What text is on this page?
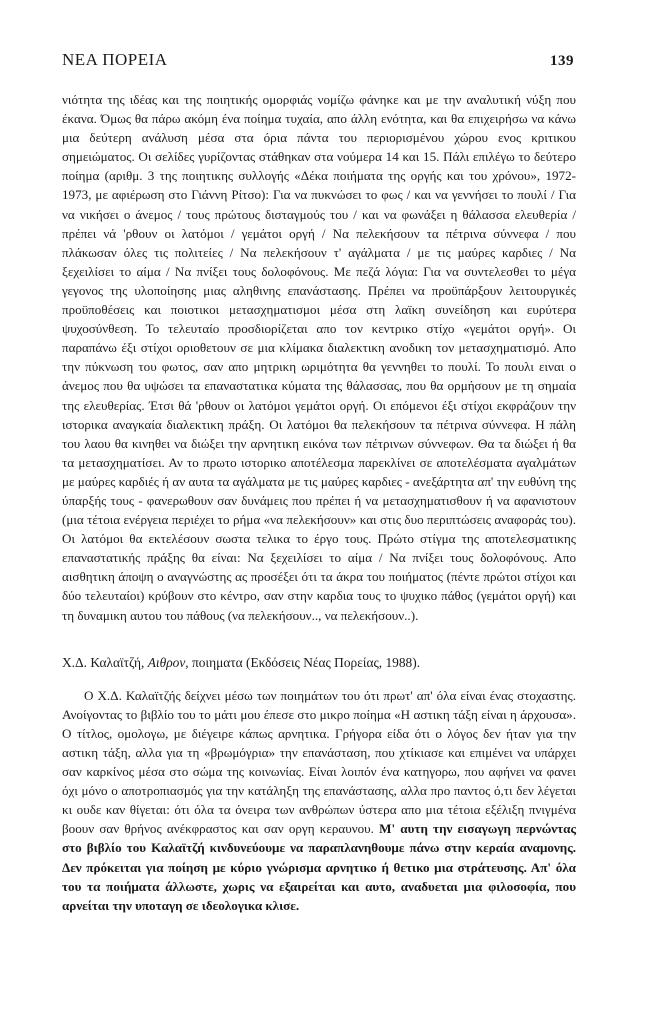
ΝΕΑ ΠΟΡΕΙΑ	139

νιότητα της ιδέας και της ποιητικής ομορφιάς νομίζω φάνηκε και με την αναλυτική νύξη που έκανα. Όμως θα πάρω ακόμη ένα ποίημα τυχαία, απο άλλη ενότητα, και θα επιχειρήσω να κάνω μια δεύτερη ανάλυση μέσα στα όρια πάντα του περιορισμένου χώρου ενος κριτικου σημειώματος. Οι σελίδες γυρίζοντας στάθηκαν στα νούμερα 14 και 15. Πάλι επιλέγω το δεύτερο ποίημα (αριθμ. 3 της ποιητικης συλλογής «Δέκα ποιήματα της οργής και του χρόνου», 1972-1973, με αφιέρωση στο Γιάννη Ρίτσο): Για να πυκνώσει το φως / και να γεννήσει το πουλί / Για να νικήσει ο άνεμος / τους πρώτους δισταγμούς του / και να φωνάξει η θάλασσα ελευθερία / πρέπει νά 'ρθουν οι λατόμοι / γεμάτοι οργή / Να πελεκήσουν τα πέτρινα σύννεφα / που πλάκωσαν όλες τις πολιτείες / Να πελεκήσουν τ' αγάλματα / με τις μαύρες καρδιες / Να ξεχειλίσει το αίμα / Να πνίξει τους δολοφόνους. Με πεζά λόγια: Για να συντελεσθει το μέγα γεγονος της υλοποίησης μιας αληθινης επανάστασης. Πρέπει να προϋπάρξουν λειτουργικές προϋποθέσεις και ποιοτικοι μετασχηματισμοι μέσα στη λαϊκη συνείδηση και ευρύτερα ψυχοσύνθεση. Το τελευταίο προσδιορίζεται απο τον κεντρικο στίχο «γεμάτοι οργή». Οι παραπάνω έξι στίχοι οριοθετουν σε μια κλίμακα διαλεκτικη ανοδικη τον μετασχηματισμό. Απο την πύκνωση του φωτος, σαν απο μητρικη ωριμότητα θα γεννηθει το πουλί. Το πουλι ειναι ο άνεμος που θα υψώσει τα επαναστατικα κύματα της θάλασσας, που θα ορμήσουν με τη σημαία της ελευθερίας. Έτσι θά 'ρθουν οι λατόμοι γεμάτοι οργή. Οι επόμενοι έξι στίχοι εκφράζουν την ιστορικα αναγκαία διαλεκτικη πράξη. Οι λατόμοι θα πελεκήσουν τα πέτρινα σύννεφα. Η πάλη του λαου θα κινηθει να διώξει την αρνητικη εικόνα των πέτρινων σύννεφων. Θα τα διώξει ή θα τα μετασχηματίσει. Αν το πρωτο ιστορικο αποτέλεσμα παρεκλίνει σε αποτελέσματα αγαλμάτων με μαύρες καρδιές ή αν αυτα τα αγάλματα με τις μαύρες καρδιες - ανεξάρτητα απ' την ευθύνη της ύπαρξής τους - φανερωθουν σαν δυνάμεις που πρέπει ή να μετασχηματισθουν ή να αφανιστουν (μια τέτοια ενέργεια περιέχει το ρήμα «να πελεκήσουν» και στις δυο περιπτώσεις αναφοράς του). Οι λατόμοι θα εκτελέσουν σωστα τελικα το έργο τους. Πρώτο στίγμα της αποτελεσματικης επαναστατικής πράξης θα είναι: Να ξεχειλίσει το αίμα / Να πνίξει τους δολοφόνους. Απο αισθητικη άποψη ο αναγνώστης ας προσέξει ότι τα άκρα του ποιήματος (πέντε πρώτοι στίχοι και δύο τελευταίοι) κρύβουν στο κέντρο, σαν στην καρδια τους το ψυχικο πάθος (γεμάτοι οργή) και τη δυναμικη αυτου του πάθους (να πελεκήσουν.., να πελεκήσουν..).

Χ.Δ. Καλαϊτζή, Αιθρον, ποιηματα (Εκδόσεις Νέας Πορείας, 1988).

Ο Χ.Δ. Καλαϊτζής δείχνει μέσω των ποιημάτων του ότι πρωτ' απ' όλα είναι ένας στοχαστης. Ανοίγοντας το βιβλίο του το μάτι μου έπεσε στο μικρο ποίημα «Η αστικη τάξη είναι η άρχουσα». Ο τίτλος, ομολογω, με διέγειρε κάπως αρνητικα. Γρήγορα είδα ότι ο λόγος δεν ήταν για την αστικη τάξη, αλλα για τη «βρωμόγρια» την επανάσταση, που χτίκιασε και επιμένει να υπάρχει σαν καρκίνος μέσα στο σώμα της κοινωνίας. Είναι λοιπόν ένα κατηγορω, που αφήνει να φανει όχι μόνο ο αποτροπιασμός για την κατάληξη της επανάστασης, αλλα προ παντος ό,τι δεν λέγεται κι ουδε καν θίγεται: ότι όλα τα όνειρα των ανθρώπων ύστερα απο μια τέτοια εξέλιξη πνιγμένα βοουν σαν θρήνος ανέκφραστος και σαν οργη κεραυνου. Μ' αυτη την εισαγωγη περνώντας στο βιβλίο του Καλαϊτζή κινδυνεύουμε να παραπλανηθουμε πάνω στην κεραία αναμονης. Δεν πρόκειται για ποίηση με κύριο γνώρισμα αρνητικο ή θετικο μια στράτευσης. Απ' όλα του τα ποιήματα άλλωστε, χωρις να εξαιρείται και αυτο, αναδυεται μια φιλοσοφία, που αρνείται την υποταγη σε ιδεολογικα κλισε.
